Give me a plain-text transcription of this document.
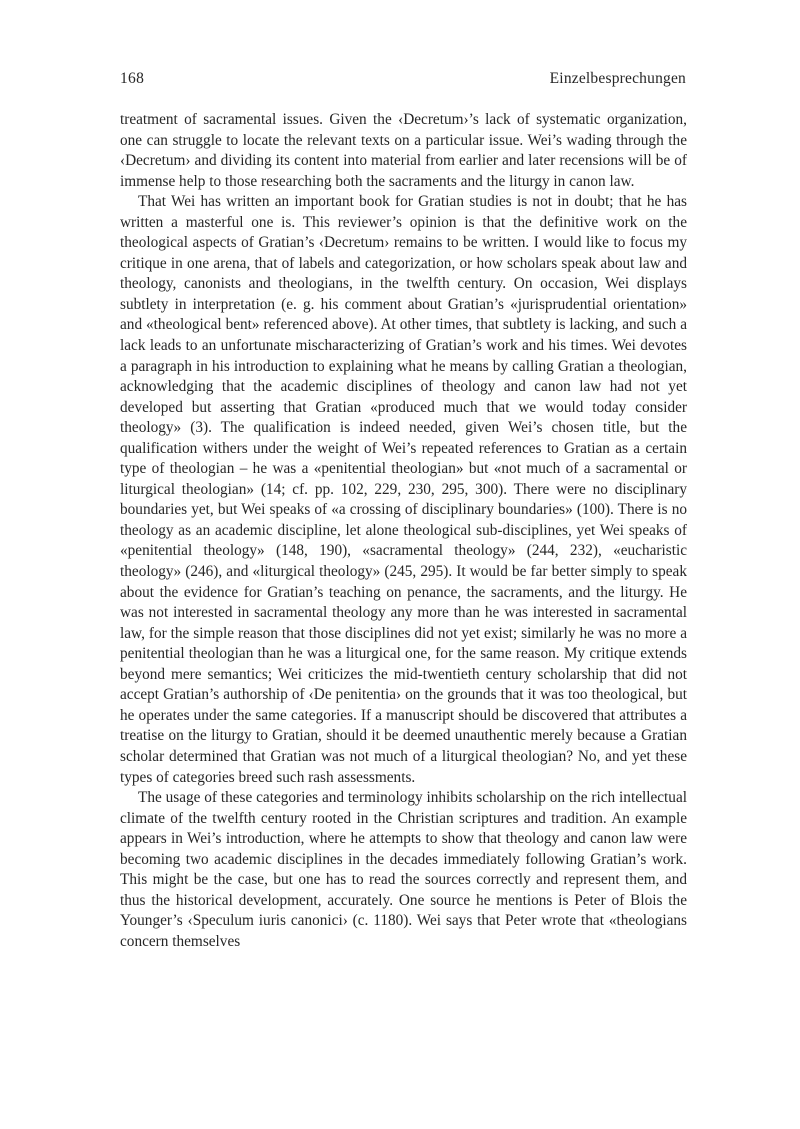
168	Einzelbesprechungen

treatment of sacramental issues. Given the ‹Decretum›’s lack of systematic organization, one can struggle to locate the relevant texts on a particular issue. Wei’s wading through the ‹Decretum› and dividing its content into material from earlier and later recensions will be of immense help to those researching both the sacraments and the liturgy in canon law.

That Wei has written an important book for Gratian studies is not in doubt; that he has written a masterful one is. This reviewer’s opinion is that the definitive work on the theological aspects of Gratian’s ‹Decretum› remains to be written. I would like to focus my critique in one arena, that of labels and categorization, or how scholars speak about law and theology, canonists and theologians, in the twelfth century. On occasion, Wei displays subtlety in interpretation (e. g. his comment about Gratian’s «jurisprudential orientation» and «theological bent» referenced above). At other times, that subtlety is lacking, and such a lack leads to an unfortunate mischaracterizing of Gratian’s work and his times. Wei devotes a paragraph in his introduction to explaining what he means by calling Gratian a theologian, acknowledging that the academic disciplines of theology and canon law had not yet developed but asserting that Gratian «produced much that we would today consider theology» (3). The qualification is indeed needed, given Wei’s chosen title, but the qualification withers under the weight of Wei’s repeated references to Gratian as a certain type of theologian – he was a «penitential theologian» but «not much of a sacramental or liturgical theologian» (14; cf. pp. 102, 229, 230, 295, 300). There were no disciplinary boundaries yet, but Wei speaks of «a crossing of disciplinary boundaries» (100). There is no theology as an academic discipline, let alone theological sub-disciplines, yet Wei speaks of «penitential theology» (148, 190), «sacramental theology» (244, 232), «eucharistic theology» (246), and «liturgical theology» (245, 295). It would be far better simply to speak about the evidence for Gratian’s teaching on penance, the sacraments, and the liturgy. He was not interested in sacramental theology any more than he was interested in sacramental law, for the simple reason that those disciplines did not yet exist; similarly he was no more a penitential theologian than he was a liturgical one, for the same reason. My critique extends beyond mere semantics; Wei criticizes the mid-twentieth century scholarship that did not accept Gratian’s authorship of ‹De penitentia› on the grounds that it was too theological, but he operates under the same categories. If a manuscript should be discovered that attributes a treatise on the liturgy to Gratian, should it be deemed unauthentic merely because a Gratian scholar determined that Gratian was not much of a liturgical theologian? No, and yet these types of categories breed such rash assessments.

The usage of these categories and terminology inhibits scholarship on the rich intellectual climate of the twelfth century rooted in the Christian scriptures and tradition. An example appears in Wei’s introduction, where he attempts to show that theology and canon law were becoming two academic disciplines in the decades immediately following Gratian’s work. This might be the case, but one has to read the sources correctly and represent them, and thus the historical development, accurately. One source he mentions is Peter of Blois the Younger’s ‹Speculum iuris canonici› (c. 1180). Wei says that Peter wrote that «theologians concern themselves
